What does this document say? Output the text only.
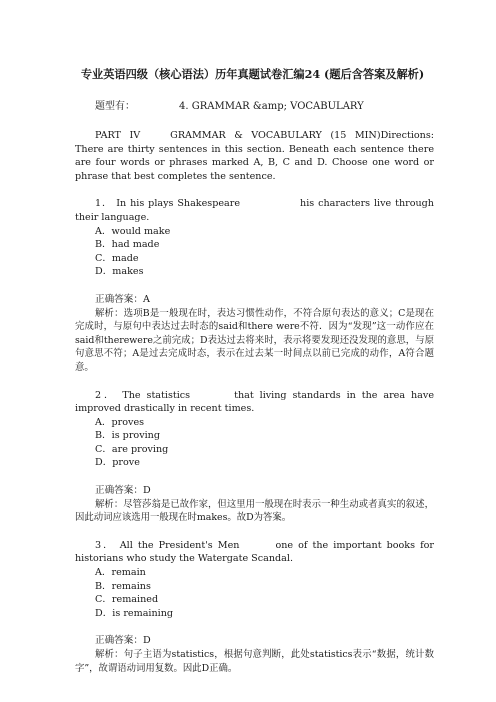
专业英语四级（核心语法）历年真题试卷汇编24 (题后含答案及解析)
题型有：	4. GRAMMAR &amp; VOCABULARY
PART IV	GRAMMAR & VOCABULARY (15 MIN)Directions: There are thirty sentences in this section. Beneath each sentence there are four words or phrases marked A, B, C and D. Choose one word or phrase that best completes the sentence.
1． In his plays Shakespeare	his characters live through their language.
A．would make
B．had made
C．made
D．makes
正确答案：A
解析：选项B是一般现在时，表达习惯性动作，不符合原句表达的意义；C是现在完成时，与原句中表达过去时态的said和there were不符．因为“发现”这一动作应在said和therewere之前完成；D表达过去将来时，表示将要发现还没发现的意思，与原句意思不符；A是过去完成时态，表示在过去某一时间点以前已完成的动作，A符合题意。
2． The statistics	that living standards in the area have improved drastically in recent times.
A．proves
B．is proving
C．are proving
D．prove
正确答案：D
解析：尽管莎翁是已故作家，但这里用一般现在时表示一种生动或者真实的叙述，因此动词应该选用一般现在时makes。故D为答案。
3． All the President's Men	one of the important books for historians who study the Watergate Scandal.
A．remain
B．remains
C．remained
D．is remaining
正确答案：D
解析：句子主语为statistics，根据句意判断，此处statistics表示“数据，统计数字”，故谓语动词用复数。因此D正确。
